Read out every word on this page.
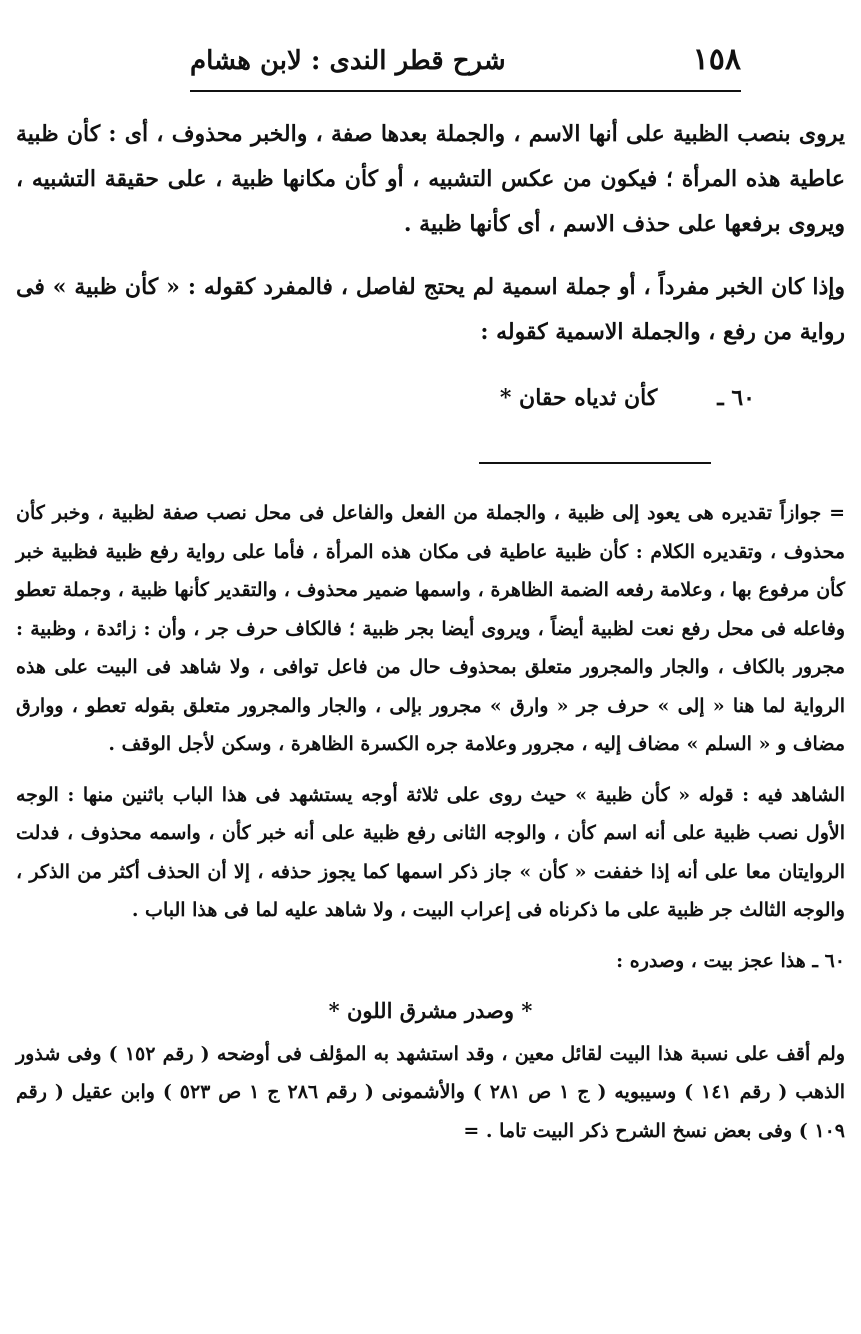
١٥٨
شرح قطر الندى : لابن هشام

يروى بنصب الظبية على أنها الاسم ، والجملة بعدها صفة ، والخبر محذوف ، أى : كأن ظبية عاطية هذه المرأة ؛ فيكون من عكس التشبيه ، أو كأن مكانها ظبية ، على حقيقة التشبيه ، ويروى برفعها على حذف الاسم ، أى كأنها ظبية .

وإذا كان الخبر مفرداً ، أو جملة اسمية لم يحتج لفاصل ، فالمفرد كقوله : « كأن ظبية » فى رواية من رفع ، والجملة الاسمية كقوله :

٦٠ ـ كأن ثدياه حقان *

= جوازاً تقديره هى يعود إلى ظبية ، والجملة من الفعل والفاعل فى محل نصب صفة لظبية ، وخبر كأن محذوف ، وتقديره الكلام : كأن ظبية عاطية فى مكان هذه المرأة ، فأما على رواية رفع ظبية فظبية خبر كأن مرفوع بها ، وعلامة رفعه الضمة الظاهرة ، واسمها ضمير محذوف ، والتقدير كأنها ظبية ، وجملة تعطو وفاعله فى محل رفع نعت لظبية أيضاً ، ويروى أيضا بجر ظبية ؛ فالكاف حرف جر ، وأن : زائدة ، وظبية : مجرور بالكاف ، والجار والمجرور متعلق بمحذوف حال من فاعل توافى ، ولا شاهد فى البيت على هذه الرواية لما هنا « إلى » حرف جر « وارق » مجرور بإلى ، والجار والمجرور متعلق بقوله تعطو ، ووارق مضاف و « السلم » مضاف إليه ، مجرور وعلامة جره الكسرة الظاهرة ، وسكن لأجل الوقف .

الشاهد فيه : قوله « كأن ظبية » حيث روى على ثلاثة أوجه يستشهد فى هذا الباب باثنين منها : الوجه الأول نصب ظبية على أنه اسم كأن ، والوجه الثانى رفع ظبية على أنه خبر كأن ، واسمه محذوف ، فدلت الروايتان معا على أنه إذا خففت « كأن » جاز ذكر اسمها كما يجوز حذفه ، إلا أن الحذف أكثر من الذكر ، والوجه الثالث جر ظبية على ما ذكرناه فى إعراب البيت ، ولا شاهد عليه لما فى هذا الباب .

٦٠ ـ هذا عجز بيت ، وصدره :

* وصدر مشرق اللون *

ولم أقف على نسبة هذا البيت لقائل معين ، وقد استشهد به المؤلف فى أوضحه ( رقم ١٥٢ ) وفى شذور الذهب ( رقم ١٤١ ) وسيبويه ( ج ١ ص ٢٨١ ) والأشمونى ( رقم ٢٨٦ ج ١ ص ٥٢٣ ) وابن عقيل ( رقم ١٠٩ ) وفى بعض نسخ الشرح ذكر البيت تاما . =
